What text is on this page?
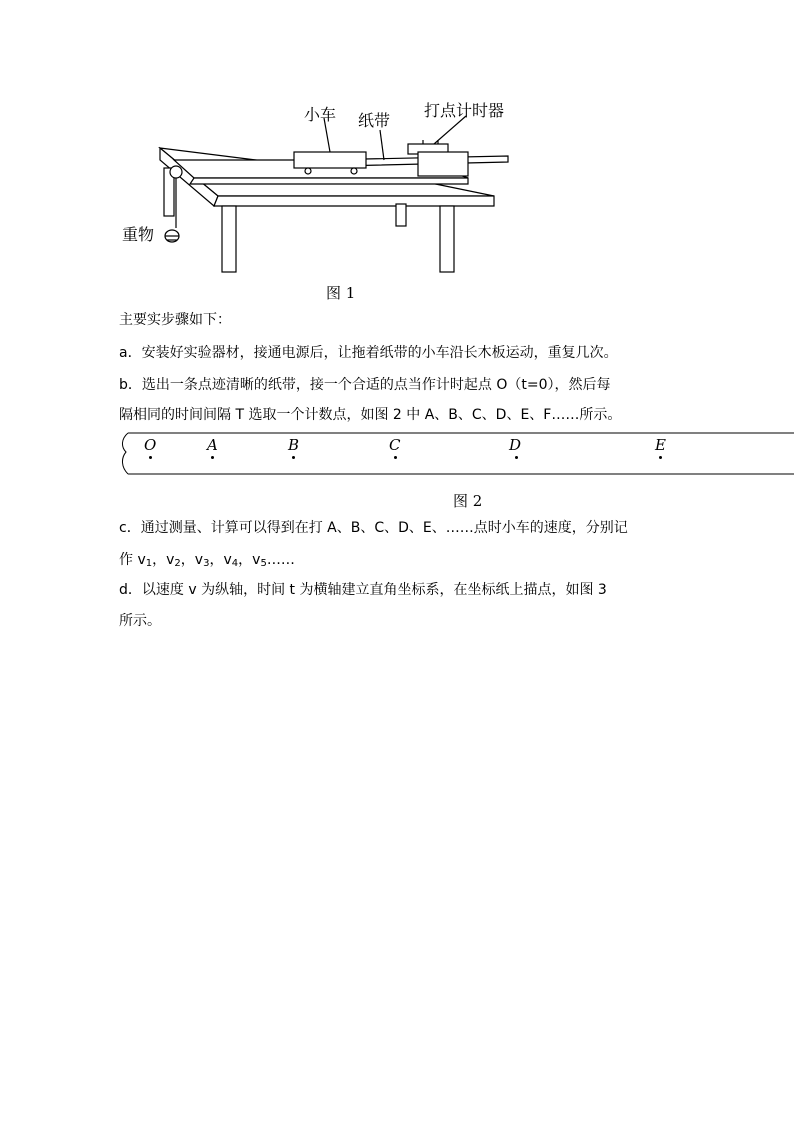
小车 纸带
打点计时器
重物
图 1
主要实步骤如下：
a．安装好实验器材，接通电源后，让拖着纸带的小车沿长木板运动，重复几次。
b．选出一条点迹清晰的纸带，接一个合适的点当作计时起点 O（t=0），然后每
隔相同的时间间隔 T 选取一个计数点，如图 2 中 A、B、C、D、E、F……所示。
O	A	B	C	D	E
图 2
c．通过测量、计算可以得到在打 A、B、C、D、E、……点时小车的速度，分别记
作 $v_1$，$v_2$，$v_3$，$v_4$，$v_5\dots\dots$
d．以速度 v 为纵轴，时间 t 为横轴建立直角坐标系，在坐标纸上描点，如图 3
所示。
